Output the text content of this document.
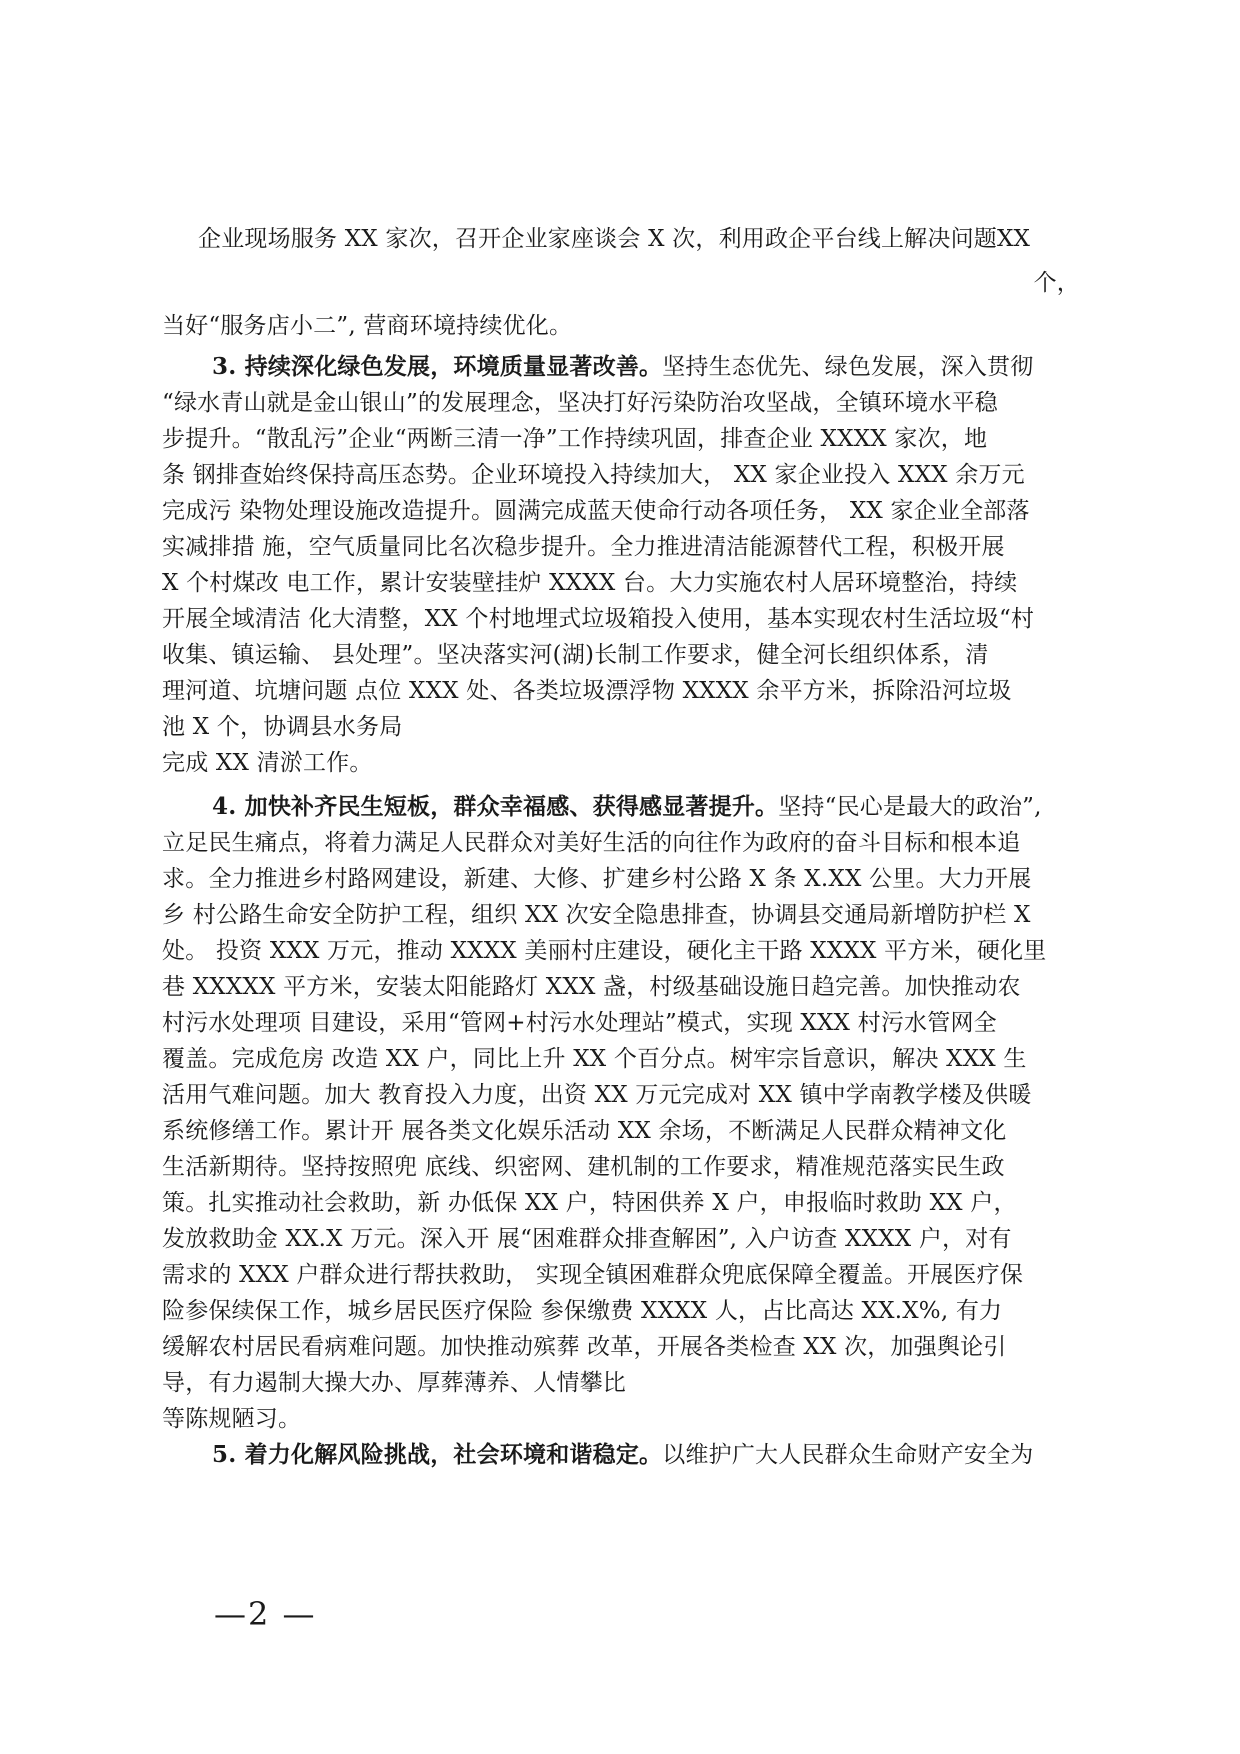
企业现场服务 XX 家次，召开企业家座谈会 X 次，利用政企平台线上解决问题XX
个，
当好“服务店小二”, 营商环境持续优化。
3. 持续深化绿色发展，环境质量显著改善。坚持生态优先、绿色发展，深入贯彻
“绿水青山就是金山银山”的发展理念，坚决打好污染防治攻坚战，全镇环境水平稳
步提升。“散乱污”企业“两断三清一净”工作持续巩固，排查企业 XXXX 家次，地
条 钢排查始终保持高压态势。企业环境投入持续加大， XX 家企业投入 XXX 余万元
完成污 染物处理设施改造提升。圆满完成蓝天使命行动各项任务， XX 家企业全部落
实减排措 施，空气质量同比名次稳步提升。全力推进清洁能源替代工程，积极开展
X 个村煤改 电工作，累计安装壁挂炉 XXXX 台。大力实施农村人居环境整治，持续
开展全域清洁 化大清整，XX 个村地埋式垃圾箱投入使用，基本实现农村生活垃圾“村
收集、镇运输、 县处理”。坚决落实河(湖)长制工作要求，健全河长组织体系，清
理河道、坑塘问题 点位 XXX 处、各类垃圾漂浮物 XXXX 余平方米，拆除沿河垃圾
池 X 个，协调县水务局
完成 XX 清淤工作。
4. 加快补齐民生短板，群众幸福感、获得感显著提升。坚持“民心是最大的政治”,
立足民生痛点，将着力满足人民群众对美好生活的向往作为政府的奋斗目标和根本追
求。全力推进乡村路网建设，新建、大修、扩建乡村公路 X 条 X.XX 公里。大力开展
乡 村公路生命安全防护工程，组织 XX 次安全隐患排查，协调县交通局新增防护栏 X
处。 投资 XXX 万元，推动 XXXX 美丽村庄建设，硬化主干路 XXXX 平方米，硬化里
巷 XXXXX 平方米，安装太阳能路灯 XXX 盏，村级基础设施日趋完善。加快推动农
村污水处理项 目建设，采用“管网+村污水处理站”模式，实现 XXX 村污水管网全
覆盖。完成危房 改造 XX 户，同比上升 XX 个百分点。树牢宗旨意识，解决 XXX 生
活用气难问题。加大 教育投入力度，出资 XX 万元完成对 XX 镇中学南教学楼及供暖
系统修缮工作。累计开 展各类文化娱乐活动 XX 余场，不断满足人民群众精神文化
生活新期待。坚持按照兜 底线、织密网、建机制的工作要求，精准规范落实民生政
策。扎实推动社会救助，新 办低保 XX 户，特困供养 X 户，申报临时救助 XX 户，
发放救助金 XX.X 万元。深入开 展“困难群众排查解困”, 入户访查 XXXX 户，对有
需求的 XXX 户群众进行帮扶救助， 实现全镇困难群众兜底保障全覆盖。开展医疗保
险参保续保工作，城乡居民医疗保险 参保缴费 XXXX 人，占比高达 XX.X%, 有力
缓解农村居民看病难问题。加快推动殡葬 改革，开展各类检查 XX 次，加强舆论引
导，有力遏制大操大办、厚葬薄养、人情攀比
等陈规陋习。
5. 着力化解风险挑战，社会环境和谐稳定。以维护广大人民群众生命财产安全为
—2 —
